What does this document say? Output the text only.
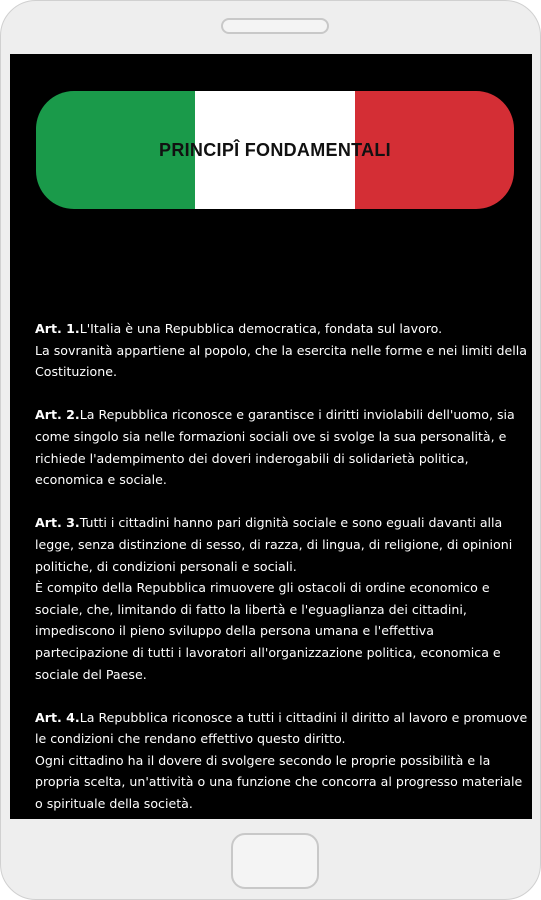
PRINCIPÎ FONDAMENTALI
Art. 1.L'Italia è una Repubblica democratica, fondata sul lavoro.
La sovranità appartiene al popolo, che la esercita nelle forme e nei limiti della
Costituzione.
Art. 2.La Repubblica riconosce e garantisce i diritti inviolabili dell'uomo, sia
come singolo sia nelle formazioni sociali ove si svolge la sua personalità, e
richiede l'adempimento dei doveri inderogabili di solidarietà politica,
economica e sociale.
Art. 3.Tutti i cittadini hanno pari dignità sociale e sono eguali davanti alla
legge, senza distinzione di sesso, di razza, di lingua, di religione, di opinioni
politiche, di condizioni personali e sociali.
È compito della Repubblica rimuovere gli ostacoli di ordine economico e
sociale, che, limitando di fatto la libertà e l'eguaglianza dei cittadini,
impediscono il pieno sviluppo della persona umana e l'effettiva
partecipazione di tutti i lavoratori all'organizzazione politica, economica e
sociale del Paese.
Art. 4.La Repubblica riconosce a tutti i cittadini il diritto al lavoro e promuove
le condizioni che rendano effettivo questo diritto.
Ogni cittadino ha il dovere di svolgere secondo le proprie possibilità e la
propria scelta, un'attività o una funzione che concorra al progresso materiale
o spirituale della società.
